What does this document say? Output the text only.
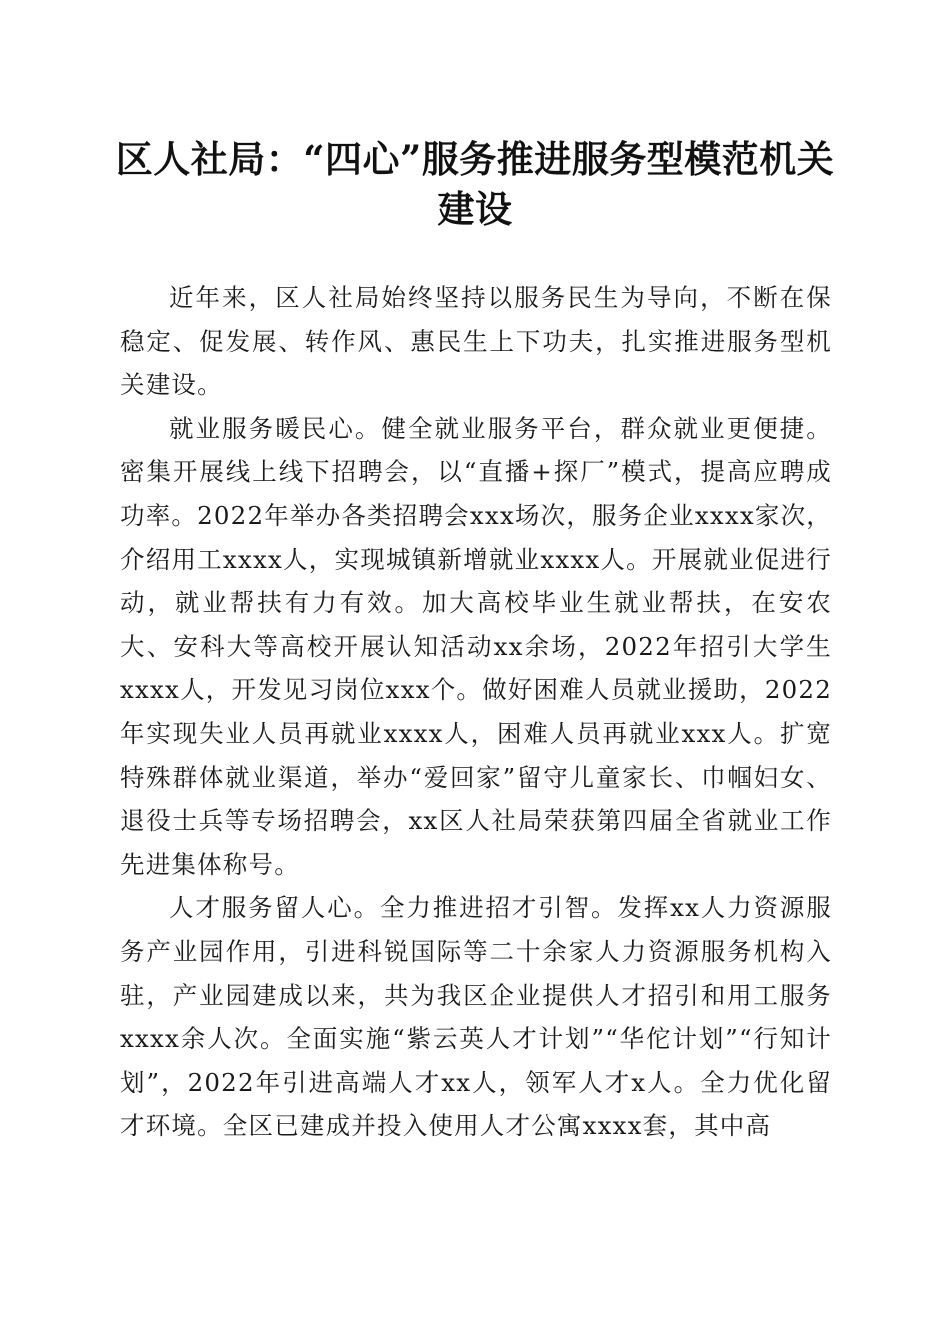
区人社局：“四心”服务推进服务型模范机关建设

近年来，区人社局始终坚持以服务民生为导向，不断在保稳定、促发展、转作风、惠民生上下功夫，扎实推进服务型机关建设。

就业服务暖民心。健全就业服务平台，群众就业更便捷。密集开展线上线下招聘会，以“直播+探厂”模式，提高应聘成功率。2022年举办各类招聘会xxx场次，服务企业xxxx家次，介绍用工xxxx人，实现城镇新增就业xxxx人。开展就业促进行动，就业帮扶有力有效。加大高校毕业生就业帮扶，在安农大、安科大等高校开展认知活动xx余场，2022年招引大学生xxxx人，开发见习岗位xxx个。做好困难人员就业援助，2022年实现失业人员再就业xxxx人，困难人员再就业xxx人。扩宽特殊群体就业渠道，举办“爱回家”留守儿童家长、巾帼妇女、退役士兵等专场招聘会，xx区人社局荣获第四届全省就业工作先进集体称号。

人才服务留人心。全力推进招才引智。发挥xx人力资源服务产业园作用，引进科锐国际等二十余家人力资源服务机构入驻，产业园建成以来，共为我区企业提供人才招引和用工服务xxxx余人次。全面实施“紫云英人才计划”“华佗计划”“行知计划”，2022年引进高端人才xx人，领军人才x人。全力优化留才环境。全区已建成并投入使用人才公寓xxxx套，其中高
